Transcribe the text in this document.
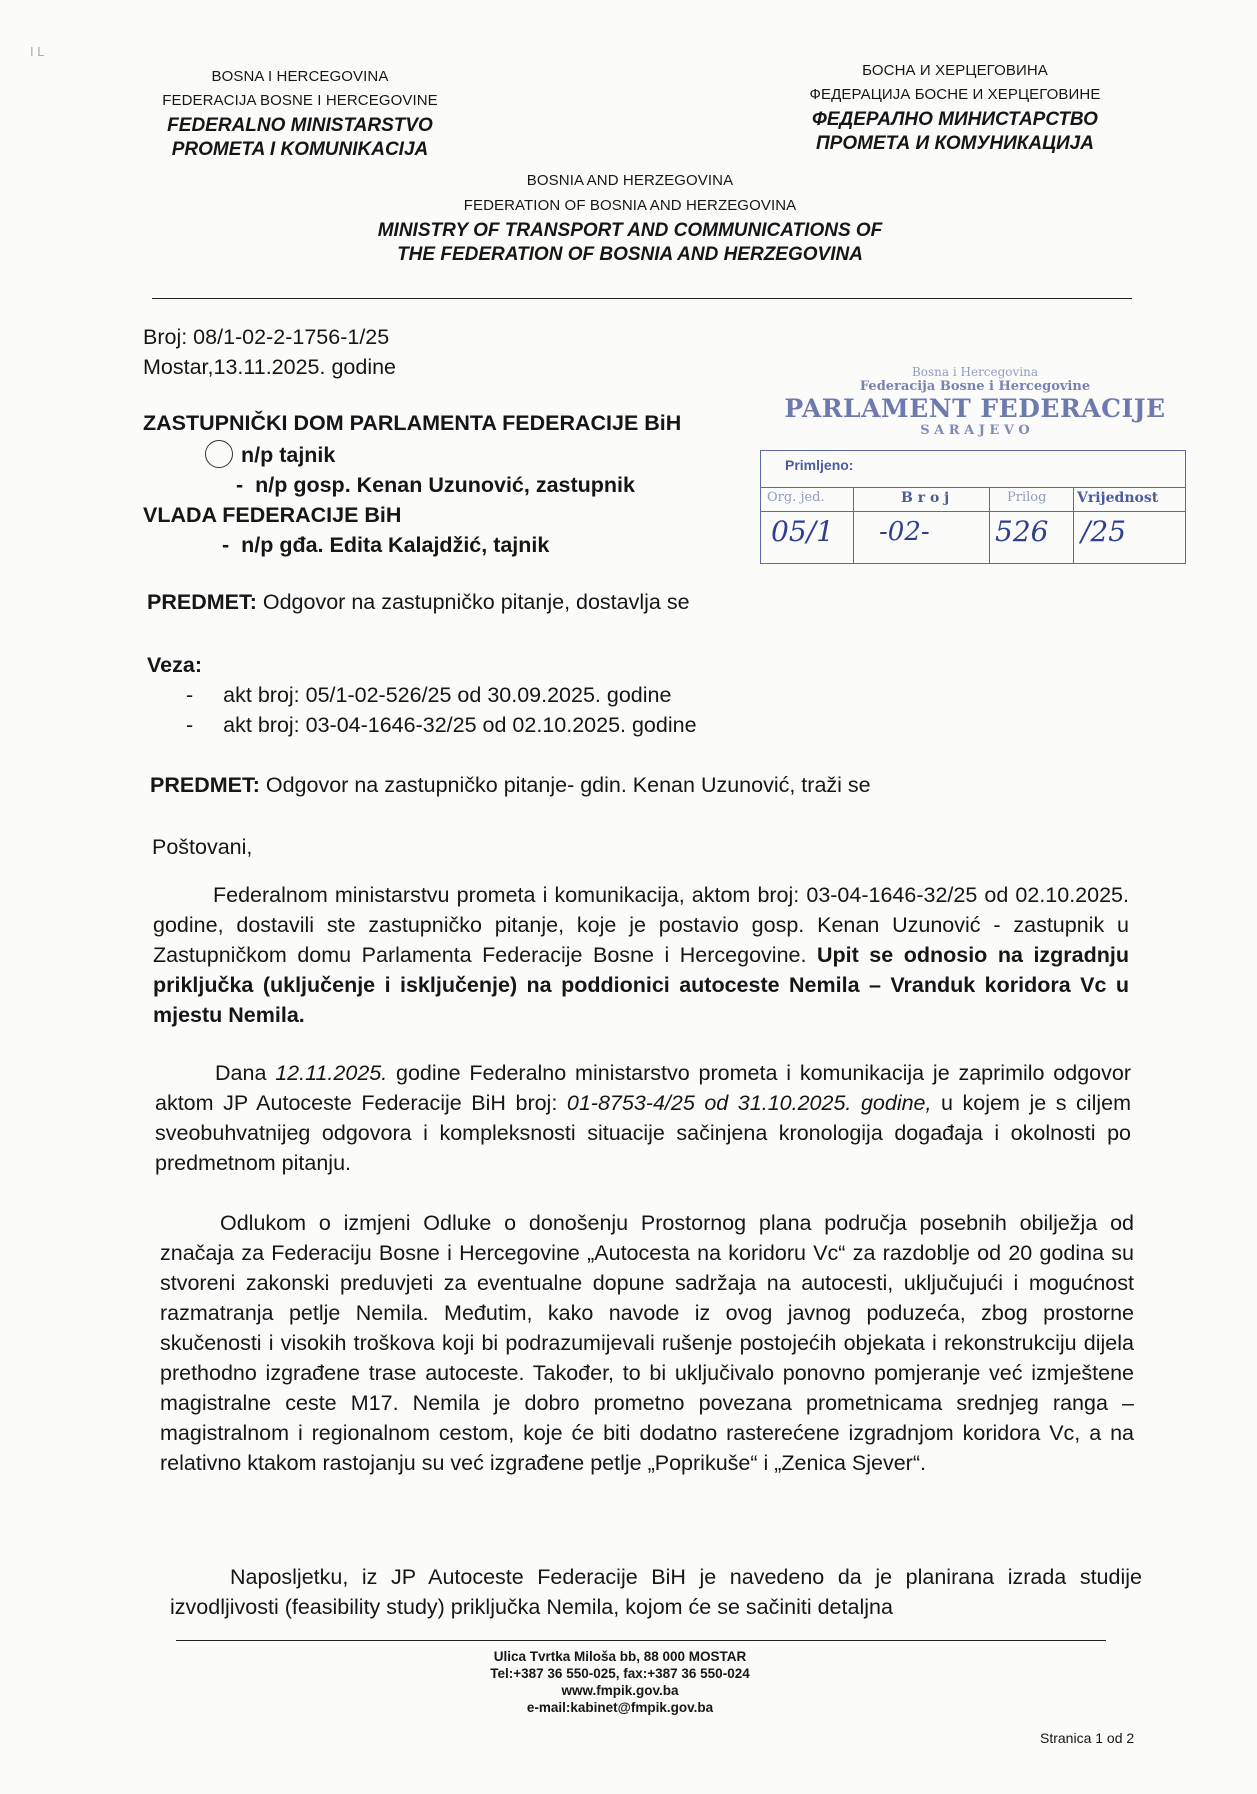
I L
BOSNA I HERCEGOVINA
FEDERACIJA BOSNE I HERCEGOVINE
FEDERALNO MINISTARSTVO
PROMETA I KOMUNIKACIJA
БОСНА И ХЕРЦЕГОВИНА
ФЕДЕРАЦИЈА БОСНЕ И ХЕРЦЕГОВИНЕ
ФЕДЕРАЛНО МИНИСТАРСТВО
ПРОМЕТА И КОМУНИКАЦИЈА
BOSNIA AND HERZEGOVINA
FEDERATION OF BOSNIA AND HERZEGOVINA
MINISTRY OF TRANSPORT AND COMMUNICATIONS OF
THE FEDERATION OF BOSNIA AND HERZEGOVINA
Broj: 08/1-02-2-1756-1/25
Mostar,13.11.2025. godine
ZASTUPNIČKI DOM PARLAMENTA FEDERACIJE BiH
n/p tajnik
- n/p gosp. Kenan Uzunović, zastupnik
VLADA FEDERACIJE BiH
- n/p gđa. Edita Kalajdžić, tajnik
Bosna i Hercegovina
Federacija Bosne i Hercegovine
PARLAMENT FEDERACIJE
S A R A J E V O
Primljeno:
Org. jed.	B r o j	Prilog Vrijednost
05/1 -02- 526 /25
PREDMET: Odgovor na zastupničko pitanje, dostavlja se
Veza:
- akt broj: 05/1-02-526/25 od 30.09.2025. godine
- akt broj: 03-04-1646-32/25 od 02.10.2025. godine
PREDMET: Odgovor na zastupničko pitanje- gdin. Kenan Uzunović, traži se
Poštovani,
Federalnom ministarstvu prometa i komunikacija, aktom broj: 03-04-1646-32/25 od 02.10.2025. godine, dostavili ste zastupničko pitanje, koje je postavio gosp. Kenan Uzunović - zastupnik u Zastupničkom domu Parlamenta Federacije Bosne i Hercegovine. Upit se odnosio na izgradnju priključka (uključenje i isključenje) na poddionici autoceste Nemila – Vranduk koridora Vc u mjestu Nemila.
Dana 12.11.2025. godine Federalno ministarstvo prometa i komunikacija je zaprimilo odgovor aktom JP Autoceste Federacije BiH broj: 01-8753-4/25 od 31.10.2025. godine, u kojem je s ciljem sveobuhvatnijeg odgovora i kompleksnosti situacije sačinjena kronologija događaja i okolnosti po predmetnom pitanju.
Odlukom o izmjeni Odluke o donošenju Prostornog plana područja posebnih obilježja od značaja za Federaciju Bosne i Hercegovine „Autocesta na koridoru Vc“ za razdoblje od 20 godina su stvoreni zakonski preduvjeti za eventualne dopune sadržaja na autocesti, uključujući i mogućnost razmatranja petlje Nemila. Međutim, kako navode iz ovog javnog poduzeća, zbog prostorne skučenosti i visokih troškova koji bi podrazumijevali rušenje postojećih objekata i rekonstrukciju dijela prethodno izgrađene trase autoceste. Također, to bi uključivalo ponovno pomjeranje već izmještene magistralne ceste M17. Nemila je dobro prometno povezana prometnicama srednjeg ranga – magistralnom i regionalnom cestom, koje će biti dodatno rasterećene izgradnjom koridora Vc, a na relativno ktakom rastojanju su već izgrađene petlje „Poprikuše“ i „Zenica Sjever“.
Naposljetku, iz JP Autoceste Federacije BiH je navedeno da je planirana izrada studije izvodljivosti (feasibility study) priključka Nemila, kojom će se sačiniti detaljna
Ulica Tvrtka Miloša bb, 88 000 MOSTAR
Tel:+387 36 550-025, fax:+387 36 550-024
www.fmpik.gov.ba
e-mail:kabinet@fmpik.gov.ba
Stranica 1 od 2
